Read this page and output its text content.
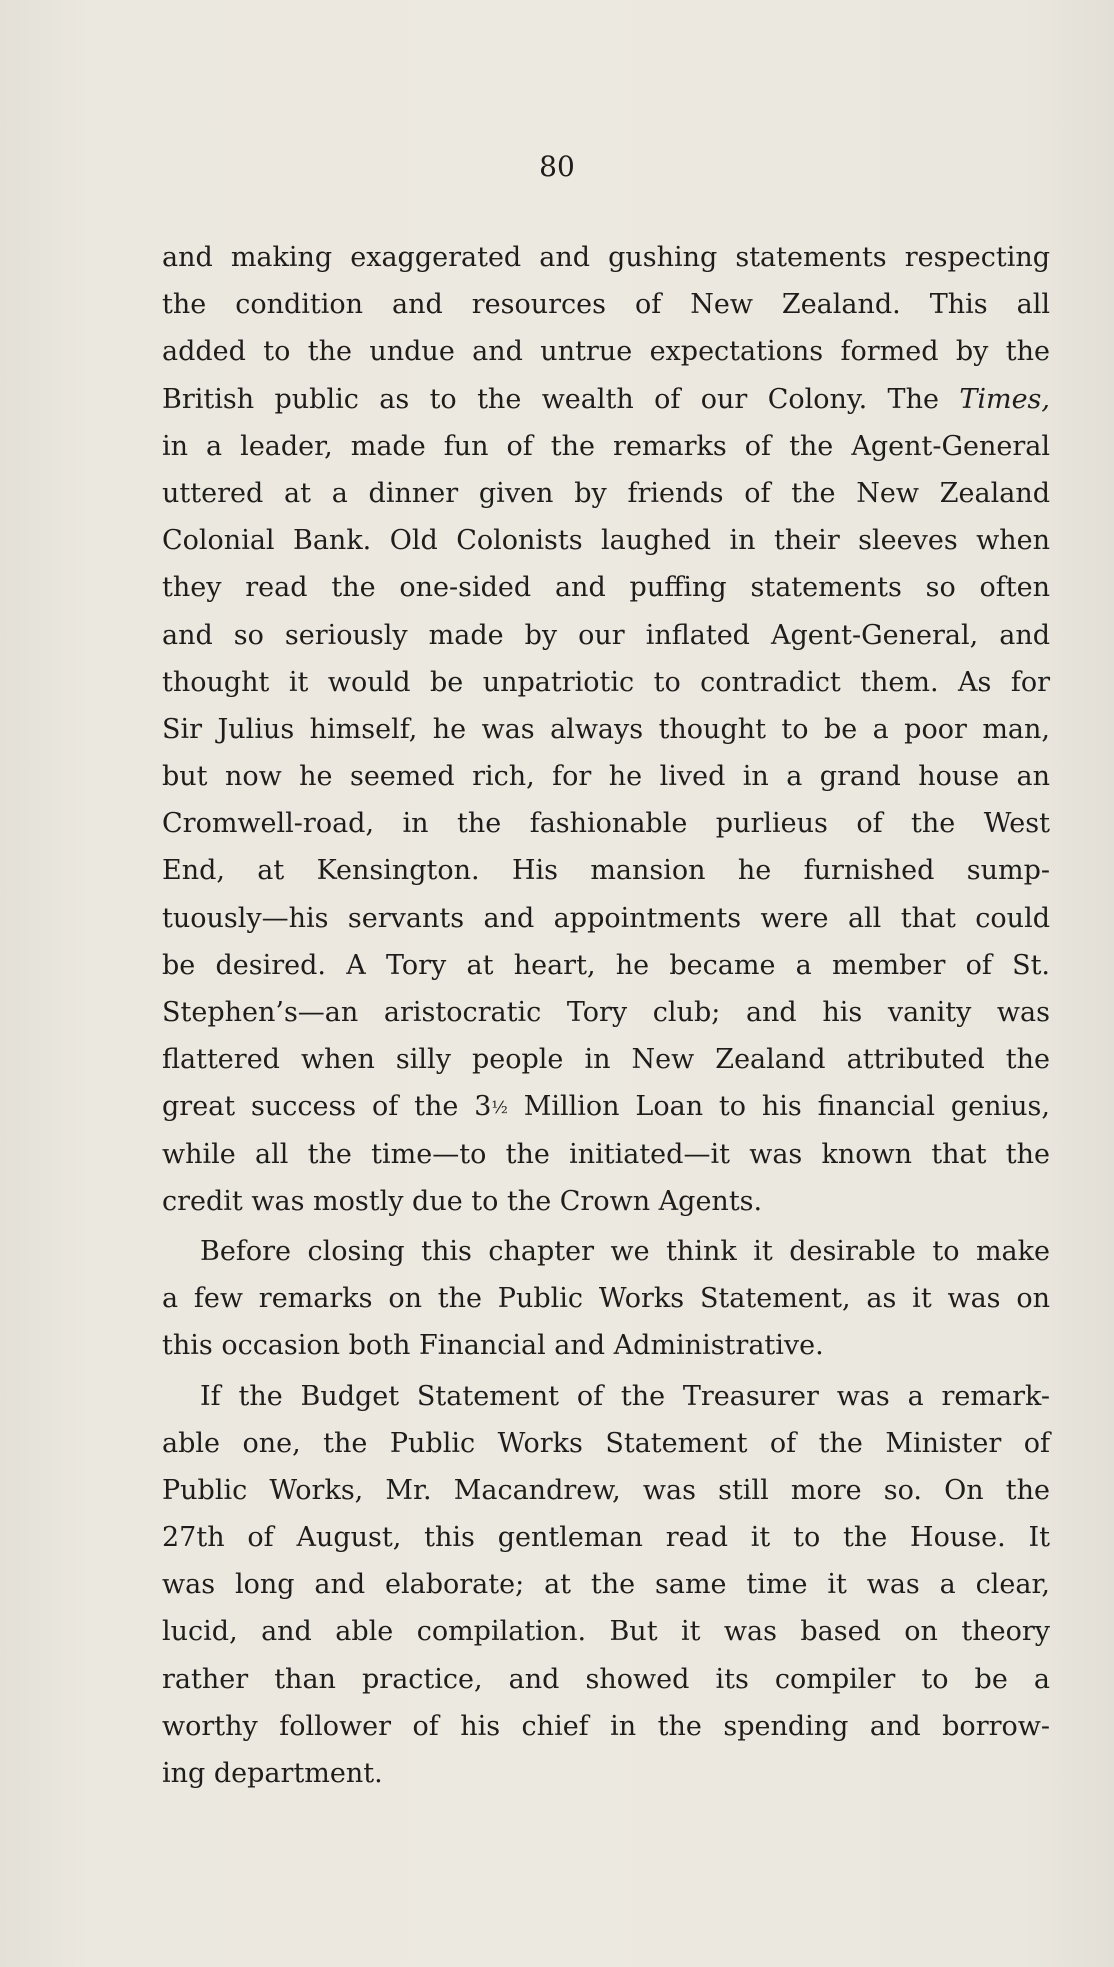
80
and making exaggerated and gushing statements respecting
the condition and resources of New Zealand. This all
added to the undue and untrue expectations formed by the
British public as to the wealth of our Colony. The Times,
in a leader, made fun of the remarks of the Agent-General
uttered at a dinner given by friends of the New Zealand
Colonial Bank. Old Colonists laughed in their sleeves when
they read the one-sided and puffing statements so often
and so seriously made by our inflated Agent-General, and
thought it would be unpatriotic to contradict them. As for
Sir Julius himself, he was always thought to be a poor man,
but now he seemed rich, for he lived in a grand house an
Cromwell-road, in the fashionable purlieus of the West
End, at Kensington. His mansion he furnished sump-
tuously—his servants and appointments were all that could
be desired. A Tory at heart, he became a member of St.
Stephen’s—an aristocratic Tory club; and his vanity was
flattered when silly people in New Zealand attributed the
great success of the 3½ Million Loan to his financial genius,
while all the time—to the initiated—it was known that the
credit was mostly due to the Crown Agents.
Before closing this chapter we think it desirable to make
a few remarks on the Public Works Statement, as it was on
this occasion both Financial and Administrative.
If the Budget Statement of the Treasurer was a remark-
able one, the Public Works Statement of the Minister of
Public Works, Mr. Macandrew, was still more so. On the
27th of August, this gentleman read it to the House. It
was long and elaborate; at the same time it was a clear,
lucid, and able compilation. But it was based on theory
rather than practice, and showed its compiler to be a
worthy follower of his chief in the spending and borrow-
ing department.
